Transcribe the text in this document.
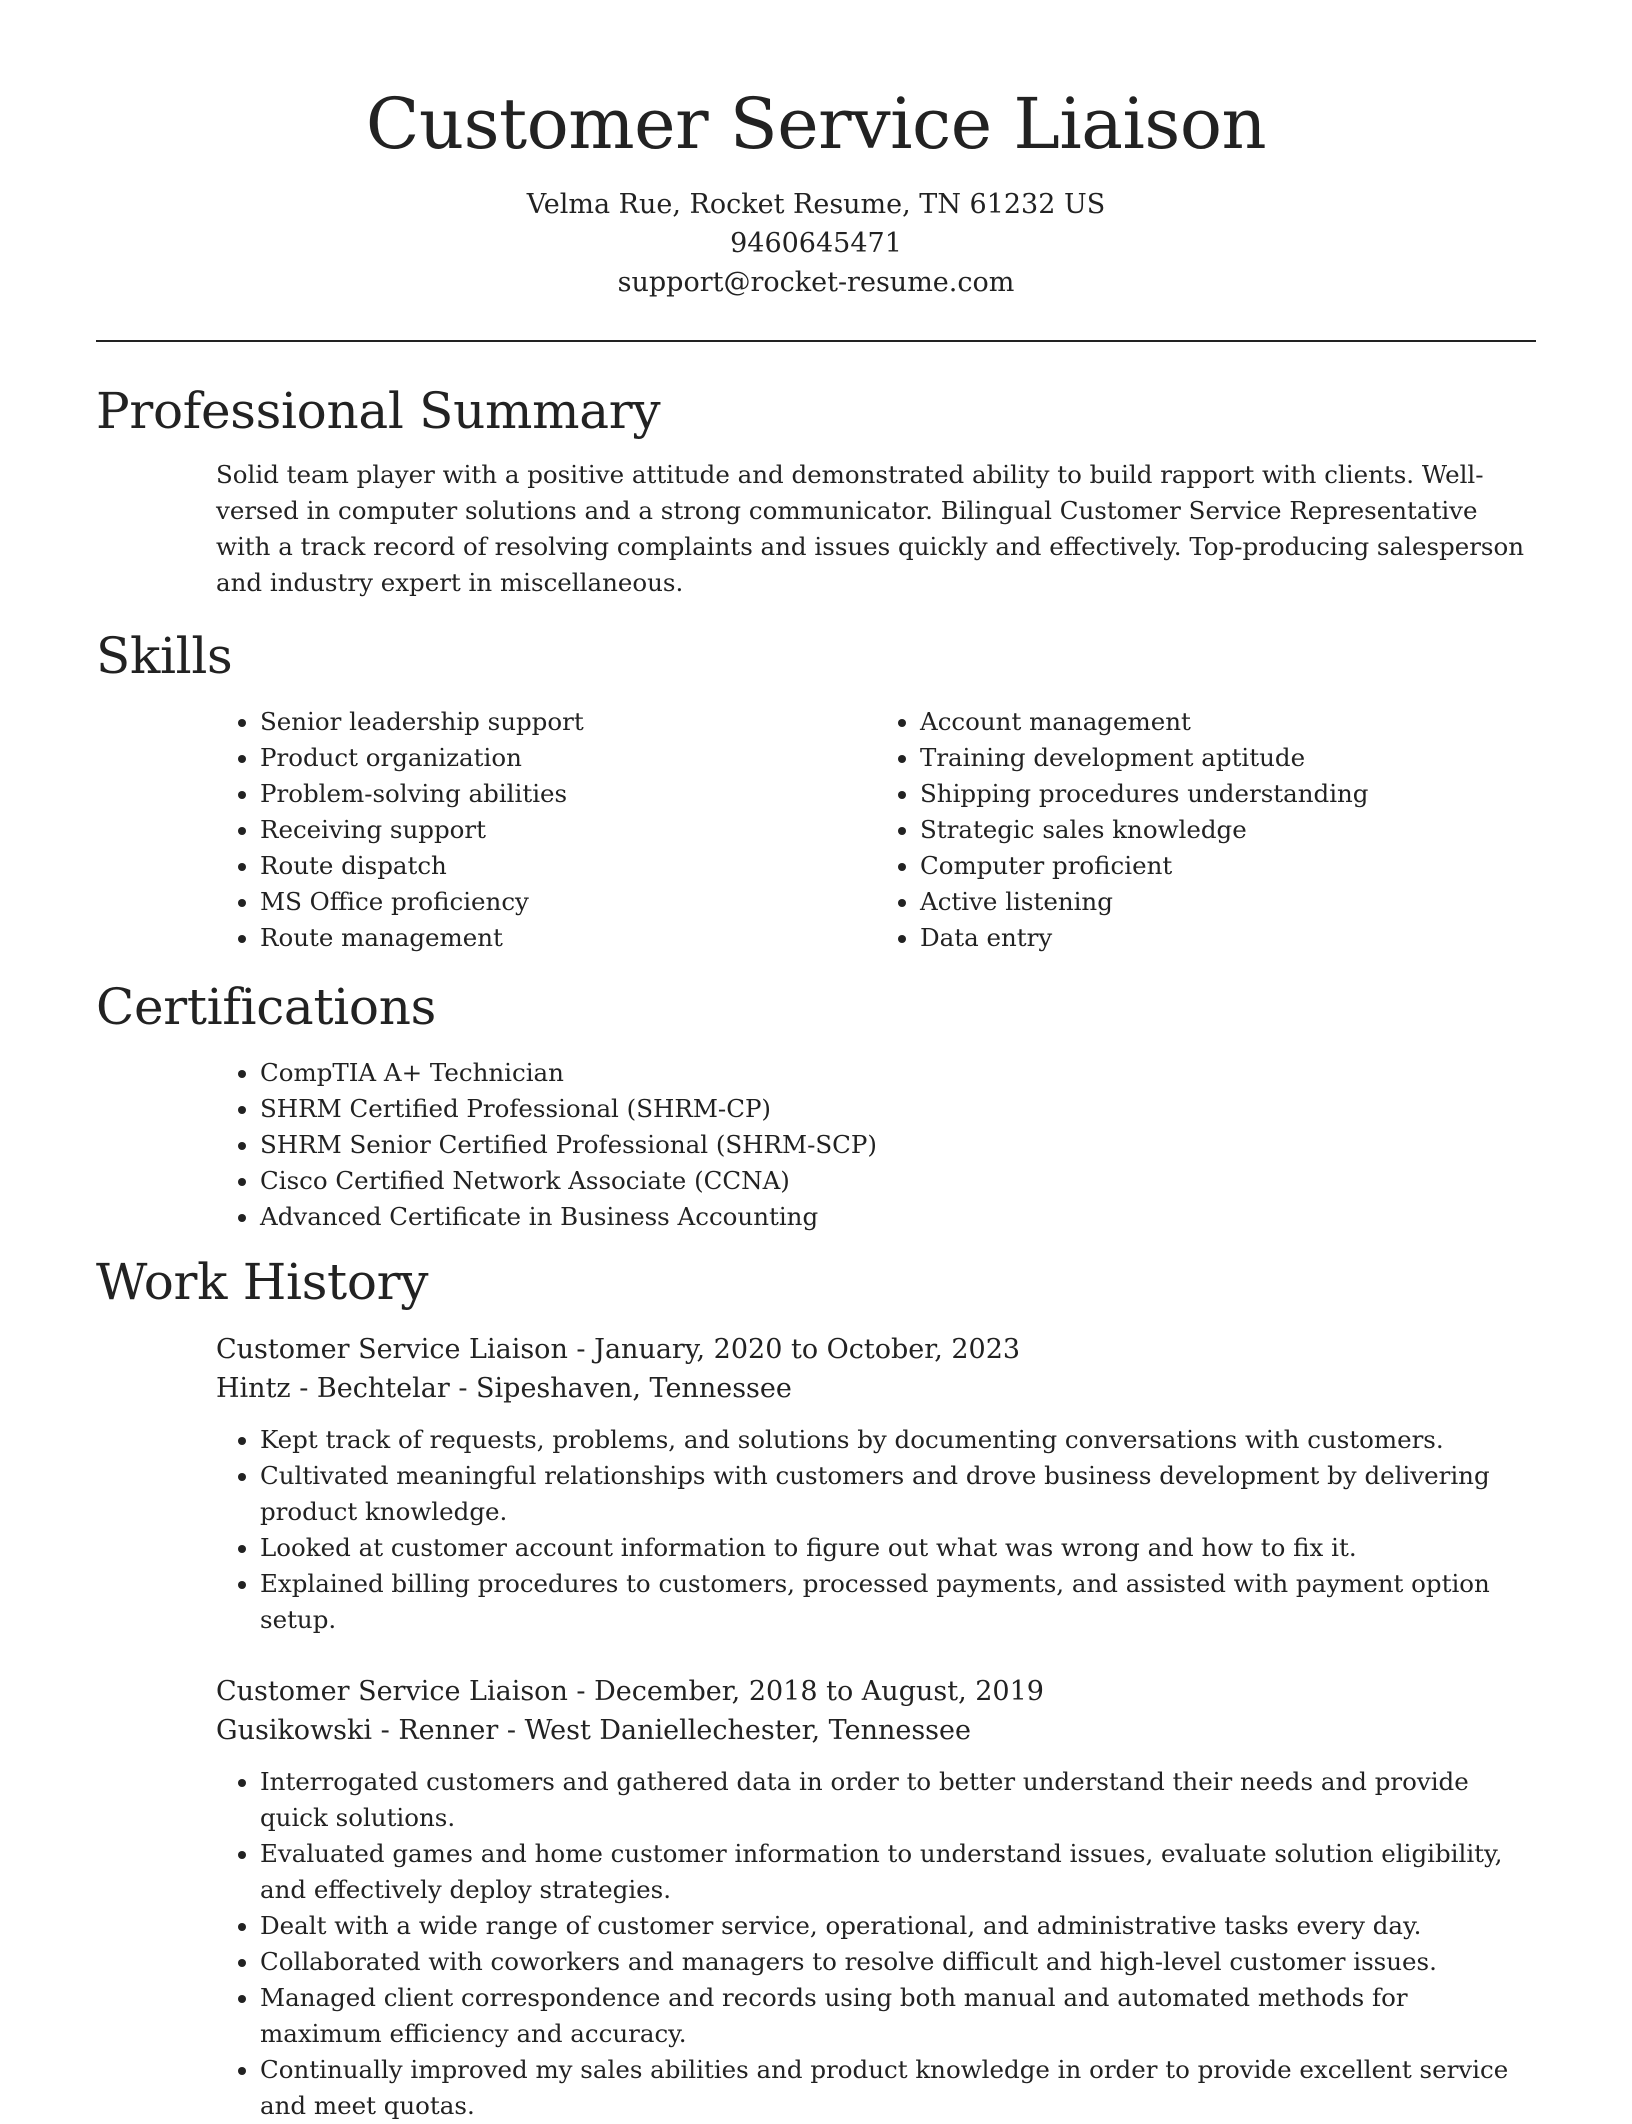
Customer Service Liaison
Velma Rue, Rocket Resume, TN 61232 US
9460645471
support@rocket-resume.com
Professional Summary

Solid team player with a positive attitude and demonstrated ability to build rapport with clients. Well-versed in computer solutions and a strong communicator. Bilingual Customer Service Representative with a track record of resolving complaints and issues quickly and effectively. Top-producing salesperson and industry expert in miscellaneous.

Skills
• Senior leadership support
• Product organization
• Problem-solving abilities
• Receiving support
• Route dispatch
• MS Office proficiency
• Route management
• Account management
• Training development aptitude
• Shipping procedures understanding
• Strategic sales knowledge
• Computer proficient
• Active listening
• Data entry
Certifications
• CompTIA A+ Technician
• SHRM Certified Professional (SHRM-CP)
• SHRM Senior Certified Professional (SHRM-SCP)
• Cisco Certified Network Associate (CCNA)
• Advanced Certificate in Business Accounting
Work History
Customer Service Liaison - January, 2020 to October, 2023
Hintz - Bechtelar - Sipeshaven, Tennessee
• Kept track of requests, problems, and solutions by documenting conversations with customers.
• Cultivated meaningful relationships with customers and drove business development by delivering product knowledge.
• Looked at customer account information to figure out what was wrong and how to fix it.
• Explained billing procedures to customers, processed payments, and assisted with payment option setup.
Customer Service Liaison - December, 2018 to August, 2019
Gusikowski - Renner - West Daniellechester, Tennessee
• Interrogated customers and gathered data in order to better understand their needs and provide quick solutions.
• Evaluated games and home customer information to understand issues, evaluate solution eligibility, and effectively deploy strategies.
• Dealt with a wide range of customer service, operational, and administrative tasks every day.
• Collaborated with coworkers and managers to resolve difficult and high-level customer issues.
• Managed client correspondence and records using both manual and automated methods for maximum efficiency and accuracy.
• Continually improved my sales abilities and product knowledge in order to provide excellent service and meet quotas.
